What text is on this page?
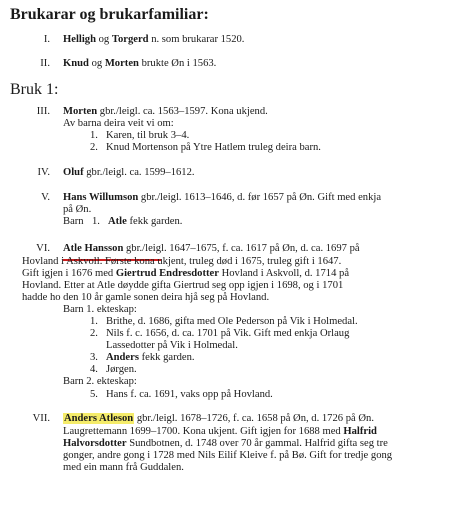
Brukarar og brukarfamiliar:
I. Helligh og Torgerd n. som brukarar 1520.
II. Knud og Morten brukte Øn i 1563.
Bruk 1:
III. Morten gbr./leigl. ca. 1563–1597. Kona ukjend.
Av barna deira veit vi om:
1. Karen, til bruk 3–4.
2. Knud Mortenson på Ytre Hatlem truleg deira barn.
IV. Oluf gbr./leigl. ca. 1599–1612.
V. Hans Willumson gbr./leigl. 1613–1646, d. før 1657 på Øn. Gift med enkja
på Øn.
Barn 1. Atle fekk garden.
VI. Atle Hansson gbr./leigl. 1647–1675, f. ca. 1617 på Øn, d. ca. 1697 på
Hovland i Askvoll. Første kona ukjent, truleg død i 1675, truleg gift i 1647.
Gift igjen i 1676 med Giertrud Endresdotter Hovland i Askvoll, d. 1714 på
Hovland. Etter at Atle døydde gifta Giertrud seg opp igjen i 1698, og i 1701
hadde ho den 10 år gamle sonen deira hjå seg på Hovland.
Barn 1. ekteskap:
1. Brithe, d. 1686, gifta med Ole Pederson på Vik i Holmedal.
2. Nils f. c. 1656, d. ca. 1701 på Vik. Gift med enkja Orlaug
Lassedotter på Vik i Holmedal.
3. Anders fekk garden.
4. Jørgen.
Barn 2. ekteskap:
5. Hans f. ca. 1691, vaks opp på Hovland.
VII. Anders Atleson gbr./leigl. 1678–1726, f. ca. 1658 på Øn, d. 1726 på Øn.
Laugrettemann 1699–1700. Kona ukjent. Gift igjen for 1688 med Halfrid
Halvorsdotter Sundbotnen, d. 1748 over 70 år gammal. Halfrid gifta seg tre
gonger, andre gong i 1728 med Nils Eilif Kleive f. på Bø. Gift for tredje gong
med ein mann frå Guddalen.
